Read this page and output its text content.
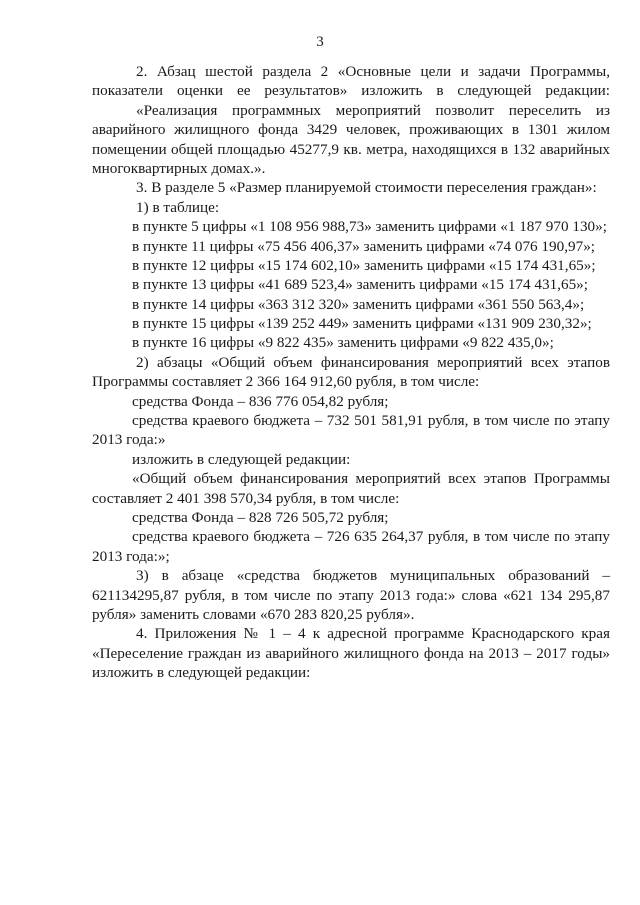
3
2. Абзац шестой раздела 2 «Основные цели и задачи Программы,
показатели оценки ее результатов» изложить в следующей редакции:
«Реализация программных мероприятий позволит переселить из
аварийного жилищного фонда 3429 человек, проживающих в 1301 жилом
помещении общей площадью 45277,9 кв. метра, находящихся в 132 аварийных
многоквартирных домах.».
3. В разделе 5 «Размер планируемой стоимости переселения граждан»:
1) в таблице:
в пункте 5 цифры «1 108 956 988,73» заменить цифрами «1 187 970 130»;
в пункте 11 цифры «75 456 406,37» заменить цифрами «74 076 190,97»;
в пункте 12 цифры «15 174 602,10» заменить цифрами «15 174 431,65»;
в пункте 13 цифры «41 689 523,4» заменить цифрами «15 174 431,65»;
в пункте 14 цифры «363 312 320» заменить цифрами «361 550 563,4»;
в пункте 15 цифры «139 252 449» заменить цифрами «131 909 230,32»;
в пункте 16 цифры «9 822 435» заменить цифрами «9 822 435,0»;
2) абзацы «Общий объем финансирования мероприятий всех этапов
Программы составляет 2 366 164 912,60 рубля, в том числе:
средства Фонда – 836 776 054,82 рубля;
средства краевого бюджета – 732 501 581,91 рубля, в том числе по этапу
2013 года:»
изложить в следующей редакции:
«Общий объем финансирования мероприятий всех этапов Программы
составляет 2 401 398 570,34 рубля, в том числе:
средства Фонда – 828 726 505,72 рубля;
средства краевого бюджета – 726 635 264,37 рубля, в том числе по этапу
2013 года:»;
3) в абзаце «средства бюджетов муниципальных образований –
621134295,87 рубля, в том числе по этапу 2013 года:» слова «621 134 295,87
рубля» заменить словами «670 283 820,25 рубля».
4. Приложения № 1 – 4 к адресной программе Краснодарского края
«Переселение граждан из аварийного жилищного фонда на 2013 – 2017 годы»
изложить в следующей редакции:
